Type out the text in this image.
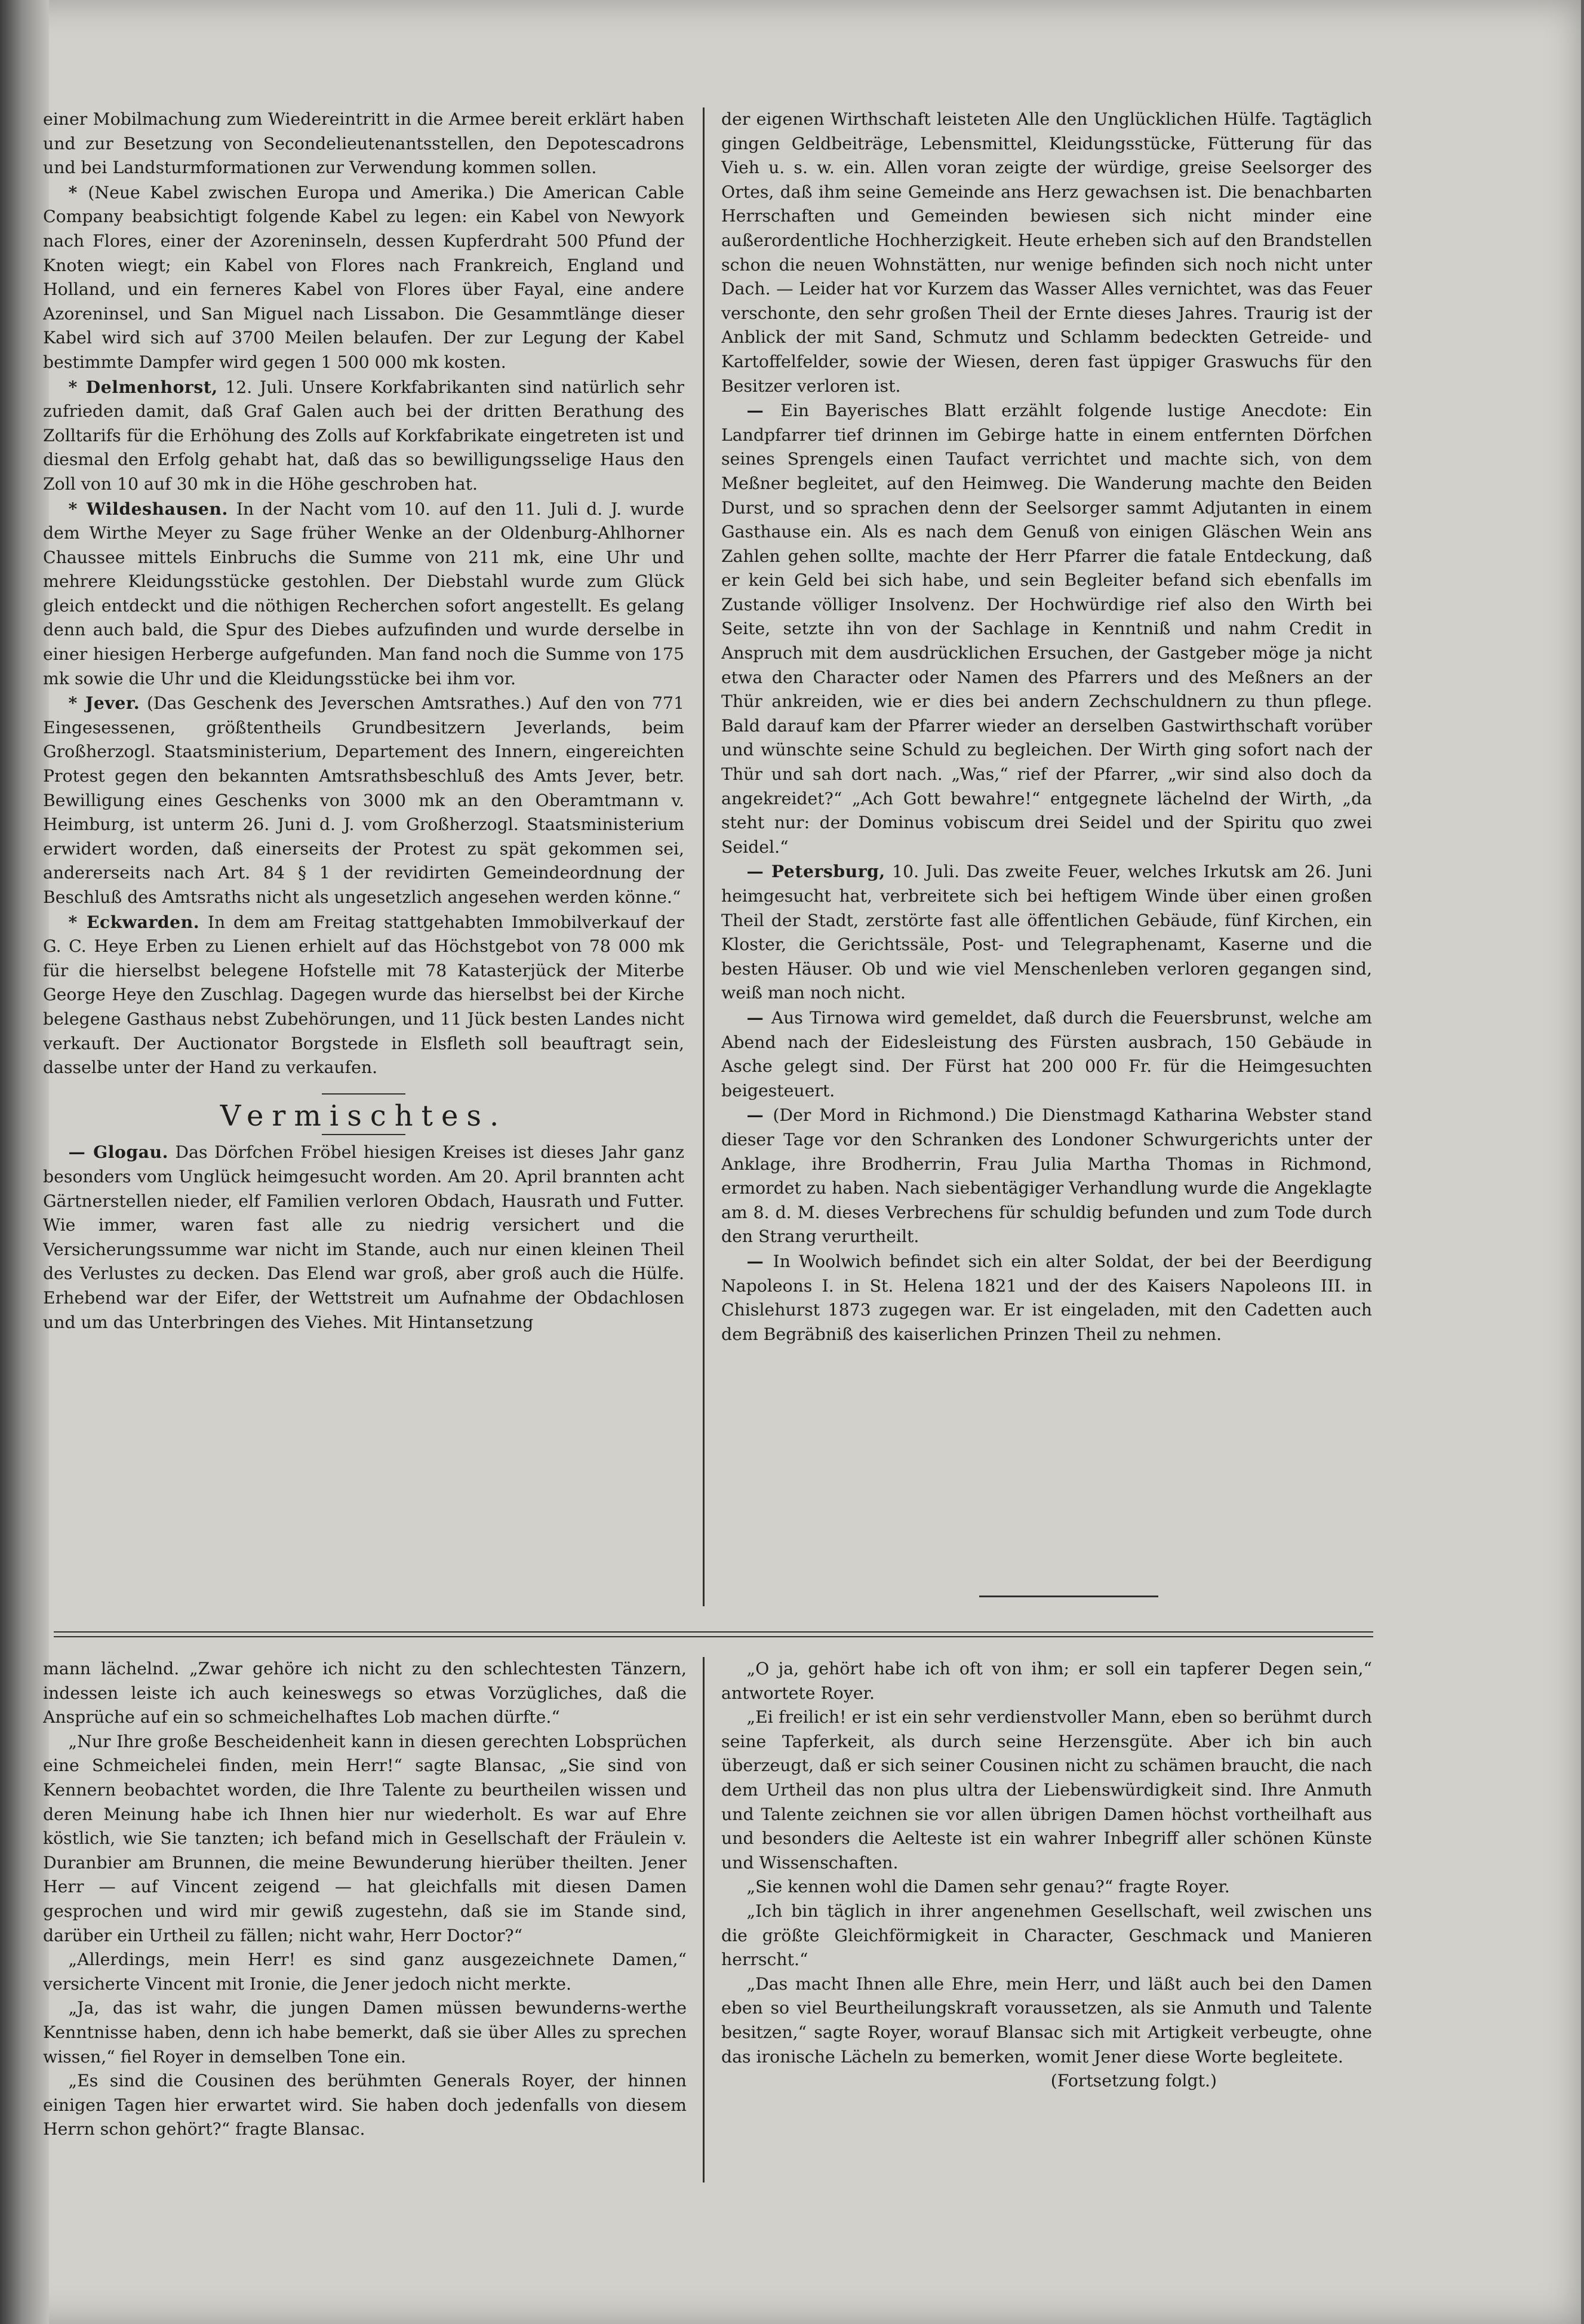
einer Mobilmachung zum Wiedereintritt in die Armee bereit erklärt haben und zur Besetzung von Secondelieutenantsstellen, den Depotescadrons und bei Landsturmformationen zur Verwendung kommen sollen.

* (Neue Kabel zwischen Europa und Amerika.) Die American Cable Company beabsichtigt folgende Kabel zu legen: ein Kabel von Newyork nach Flores, einer der Azoreninseln, dessen Kupferdraht 500 Pfund der Knoten wiegt; ein Kabel von Flores nach Frankreich, England und Holland, und ein ferneres Kabel von Flores über Fayal, eine andere Azoreninsel, und San Miguel nach Lissabon. Die Gesammtlänge dieser Kabel wird sich auf 3700 Meilen belaufen. Der zur Legung der Kabel bestimmte Dampfer wird gegen 1 500 000 mk kosten.

* Delmenhorst, 12. Juli. Unsere Korkfabrikanten sind natürlich sehr zufrieden damit, daß Graf Galen auch bei der dritten Berathung des Zolltarifs für die Erhöhung des Zolls auf Korkfabrikate eingetreten ist und diesmal den Erfolg gehabt hat, daß das so bewilligungsselige Haus den Zoll von 10 auf 30 mk in die Höhe geschroben hat.

* Wildeshausen. In der Nacht vom 10. auf den 11. Juli d. J. wurde dem Wirthe Meyer zu Sage früher Wenke an der Oldenburg-Ahlhorner Chaussee mittels Einbruchs die Summe von 211 mk, eine Uhr und mehrere Kleidungsstücke gestohlen. Der Diebstahl wurde zum Glück gleich entdeckt und die nöthigen Recherchen sofort angestellt. Es gelang denn auch bald, die Spur des Diebes aufzufinden und wurde derselbe in einer hiesigen Herberge aufgefunden. Man fand noch die Summe von 175 mk sowie die Uhr und die Kleidungsstücke bei ihm vor.

* Jever. (Das Geschenk des Jeverschen Amtsrathes.) Auf den von 771 Eingesessenen, größtentheils Grundbesitzern Jeverlands, beim Großherzogl. Staatsministerium, Departement des Innern, eingereichten Protest gegen den bekannten Amtsrathsbeschluß des Amts Jever, betr. Bewilligung eines Geschenks von 3000 mk an den Oberamtmann v. Heimburg, ist unterm 26. Juni d. J. vom Großherzogl. Staatsministerium erwidert worden, daß einerseits der Protest zu spät gekommen sei, andererseits nach Art. 84 § 1 der revidirten Gemeindeordnung der Beschluß des Amtsraths nicht als ungesetzlich angesehen werden könne.“

* Eckwarden. In dem am Freitag stattgehabten Immobilverkauf der G. C. Heye Erben zu Lienen erhielt auf das Höchstgebot von 78 000 mk für die hierselbst belegene Hofstelle mit 78 Katasterjück der Miterbe George Heye den Zuschlag. Dagegen wurde das hierselbst bei der Kirche belegene Gasthaus nebst Zubehörungen, und 11 Jück besten Landes nicht verkauft. Der Auctionator Borgstede in Elsfleth soll beauftragt sein, dasselbe unter der Hand zu verkaufen.

Vermischtes.

— Glogau. Das Dörfchen Fröbel hiesigen Kreises ist dieses Jahr ganz besonders vom Unglück heimgesucht worden. Am 20. April brannten acht Gärtnerstellen nieder, elf Familien verloren Obdach, Hausrath und Futter. Wie immer, waren fast alle zu niedrig versichert und die Versicherungssumme war nicht im Stande, auch nur einen kleinen Theil des Verlustes zu decken. Das Elend war groß, aber groß auch die Hülfe. Erhebend war der Eifer, der Wettstreit um Aufnahme der Obdachlosen und um das Unterbringen des Viehes. Mit Hintansetzung

der eigenen Wirthschaft leisteten Alle den Unglücklichen Hülfe. Tagtäglich gingen Geldbeiträge, Lebensmittel, Kleidungsstücke, Fütterung für das Vieh u. s. w. ein. Allen voran zeigte der würdige, greise Seelsorger des Ortes, daß ihm seine Gemeinde ans Herz gewachsen ist. Die benachbarten Herrschaften und Gemeinden bewiesen sich nicht minder eine außerordentliche Hochherzigkeit. Heute erheben sich auf den Brandstellen schon die neuen Wohnstätten, nur wenige befinden sich noch nicht unter Dach. — Leider hat vor Kurzem das Wasser Alles vernichtet, was das Feuer verschonte, den sehr großen Theil der Ernte dieses Jahres. Traurig ist der Anblick der mit Sand, Schmutz und Schlamm bedeckten Getreide- und Kartoffelfelder, sowie der Wiesen, deren fast üppiger Graswuchs für den Besitzer verloren ist.

— Ein Bayerisches Blatt erzählt folgende lustige Anecdote: Ein Landpfarrer tief drinnen im Gebirge hatte in einem entfernten Dörfchen seines Sprengels einen Taufact verrichtet und machte sich, von dem Meßner begleitet, auf den Heimweg. Die Wanderung machte den Beiden Durst, und so sprachen denn der Seelsorger sammt Adjutanten in einem Gasthause ein. Als es nach dem Genuß von einigen Gläschen Wein ans Zahlen gehen sollte, machte der Herr Pfarrer die fatale Entdeckung, daß er kein Geld bei sich habe, und sein Begleiter befand sich ebenfalls im Zustande völliger Insolvenz. Der Hochwürdige rief also den Wirth bei Seite, setzte ihn von der Sachlage in Kenntniß und nahm Credit in Anspruch mit dem ausdrücklichen Ersuchen, der Gastgeber möge ja nicht etwa den Character oder Namen des Pfarrers und des Meßners an der Thür ankreiden, wie er dies bei andern Zechschuldnern zu thun pflege. Bald darauf kam der Pfarrer wieder an derselben Gastwirthschaft vorüber und wünschte seine Schuld zu begleichen. Der Wirth ging sofort nach der Thür und sah dort nach. „Was,“ rief der Pfarrer, „wir sind also doch da angekreidet?“ „Ach Gott bewahre!“ entgegnete lächelnd der Wirth, „da steht nur: der Dominus vobiscum drei Seidel und der Spiritu quo zwei Seidel.“

— Petersburg, 10. Juli. Das zweite Feuer, welches Irkutsk am 26. Juni heimgesucht hat, verbreitete sich bei heftigem Winde über einen großen Theil der Stadt, zerstörte fast alle öffentlichen Gebäude, fünf Kirchen, ein Kloster, die Gerichtssäle, Post- und Telegraphenamt, Kaserne und die besten Häuser. Ob und wie viel Menschenleben verloren gegangen sind, weiß man noch nicht.

— Aus Tirnowa wird gemeldet, daß durch die Feuersbrunst, welche am Abend nach der Eidesleistung des Fürsten ausbrach, 150 Gebäude in Asche gelegt sind. Der Fürst hat 200 000 Fr. für die Heimgesuchten beigesteuert.

— (Der Mord in Richmond.) Die Dienstmagd Katharina Webster stand dieser Tage vor den Schranken des Londoner Schwurgerichts unter der Anklage, ihre Brodherrin, Frau Julia Martha Thomas in Richmond, ermordet zu haben. Nach siebentägiger Verhandlung wurde die Angeklagte am 8. d. M. dieses Verbrechens für schuldig befunden und zum Tode durch den Strang verurtheilt.

— In Woolwich befindet sich ein alter Soldat, der bei der Beerdigung Napoleons I. in St. Helena 1821 und der des Kaisers Napoleons III. in Chislehurst 1873 zugegen war. Er ist eingeladen, mit den Cadetten auch dem Begräbniß des kaiserlichen Prinzen Theil zu nehmen.

mann lächelnd. „Zwar gehöre ich nicht zu den schlechtesten Tänzern, indessen leiste ich auch keineswegs so etwas Vorzügliches, daß die Ansprüche auf ein so schmeichelhaftes Lob machen dürfte.“

„Nur Ihre große Bescheidenheit kann in diesen gerechten Lobsprüchen eine Schmeichelei finden, mein Herr!“ sagte Blansac, „Sie sind von Kennern beobachtet worden, die Ihre Talente zu beurtheilen wissen und deren Meinung habe ich Ihnen hier nur wiederholt. Es war auf Ehre köstlich, wie Sie tanzten; ich befand mich in Gesellschaft der Fräulein v. Duranbier am Brunnen, die meine Bewunderung hierüber theilten. Jener Herr — auf Vincent zeigend — hat gleichfalls mit diesen Damen gesprochen und wird mir gewiß zugestehn, daß sie im Stande sind, darüber ein Urtheil zu fällen; nicht wahr, Herr Doctor?“

„Allerdings, mein Herr! es sind ganz ausgezeichnete Damen,“ versicherte Vincent mit Ironie, die Jener jedoch nicht merkte.

„Ja, das ist wahr, die jungen Damen müssen bewunderns-werthe Kenntnisse haben, denn ich habe bemerkt, daß sie über Alles zu sprechen wissen,“ fiel Royer in demselben Tone ein.

„Es sind die Cousinen des berühmten Generals Royer, der hinnen einigen Tagen hier erwartet wird. Sie haben doch jedenfalls von diesem Herrn schon gehört?“ fragte Blansac.

„O ja, gehört habe ich oft von ihm; er soll ein tapferer Degen sein,“ antwortete Royer.

„Ei freilich! er ist ein sehr verdienstvoller Mann, eben so berühmt durch seine Tapferkeit, als durch seine Herzensgüte. Aber ich bin auch überzeugt, daß er sich seiner Cousinen nicht zu schämen braucht, die nach dem Urtheil das non plus ultra der Liebenswürdigkeit sind. Ihre Anmuth und Talente zeichnen sie vor allen übrigen Damen höchst vortheilhaft aus und besonders die Aelteste ist ein wahrer Inbegriff aller schönen Künste und Wissenschaften.

„Sie kennen wohl die Damen sehr genau?“ fragte Royer.

„Ich bin täglich in ihrer angenehmen Gesellschaft, weil zwischen uns die größte Gleichförmigkeit in Character, Geschmack und Manieren herrscht.“

„Das macht Ihnen alle Ehre, mein Herr, und läßt auch bei den Damen eben so viel Beurtheilungskraft voraussetzen, als sie Anmuth und Talente besitzen,“ sagte Royer, worauf Blansac sich mit Artigkeit verbeugte, ohne das ironische Lächeln zu bemerken, womit Jener diese Worte begleitete.

(Fortsetzung folgt.)
